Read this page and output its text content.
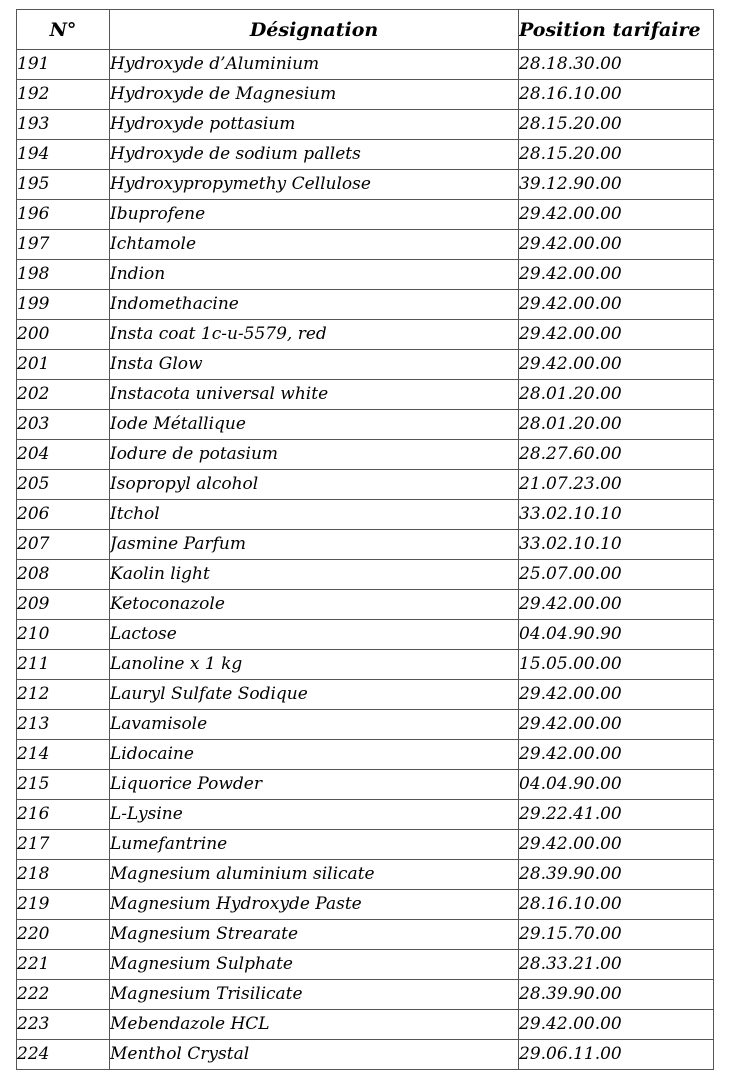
N°	Désignation	Position tarifaire
191	Hydroxyde d’Aluminium	28.18.30.00
192	Hydroxyde de Magnesium	28.16.10.00
193	Hydroxyde pottasium	28.15.20.00
194	Hydroxyde de sodium pallets	28.15.20.00
195	Hydroxypropymethy Cellulose	39.12.90.00
196	Ibuprofene	29.42.00.00
197	Ichtamole	29.42.00.00
198	Indion	29.42.00.00
199	Indomethacine	29.42.00.00
200	Insta coat 1c-u-5579, red	29.42.00.00
201	Insta Glow	29.42.00.00
202	Instacota universal white	28.01.20.00
203	Iode Métallique	28.01.20.00
204	Iodure de potasium	28.27.60.00
205	Isopropyl alcohol	21.07.23.00
206	Itchol	33.02.10.10
207	Jasmine Parfum	33.02.10.10
208	Kaolin light	25.07.00.00
209	Ketoconazole	29.42.00.00
210	Lactose	04.04.90.90
211	Lanoline x 1 kg	15.05.00.00
212	Lauryl Sulfate Sodique	29.42.00.00
213	Lavamisole	29.42.00.00
214	Lidocaine	29.42.00.00
215	Liquorice Powder	04.04.90.00
216	L-Lysine	29.22.41.00
217	Lumefantrine	29.42.00.00
218	Magnesium aluminium silicate	28.39.90.00
219	Magnesium Hydroxyde Paste	28.16.10.00
220	Magnesium Strearate	29.15.70.00
221	Magnesium Sulphate	28.33.21.00
222	Magnesium Trisilicate	28.39.90.00
223	Mebendazole HCL	29.42.00.00
224	Menthol Crystal	29.06.11.00
